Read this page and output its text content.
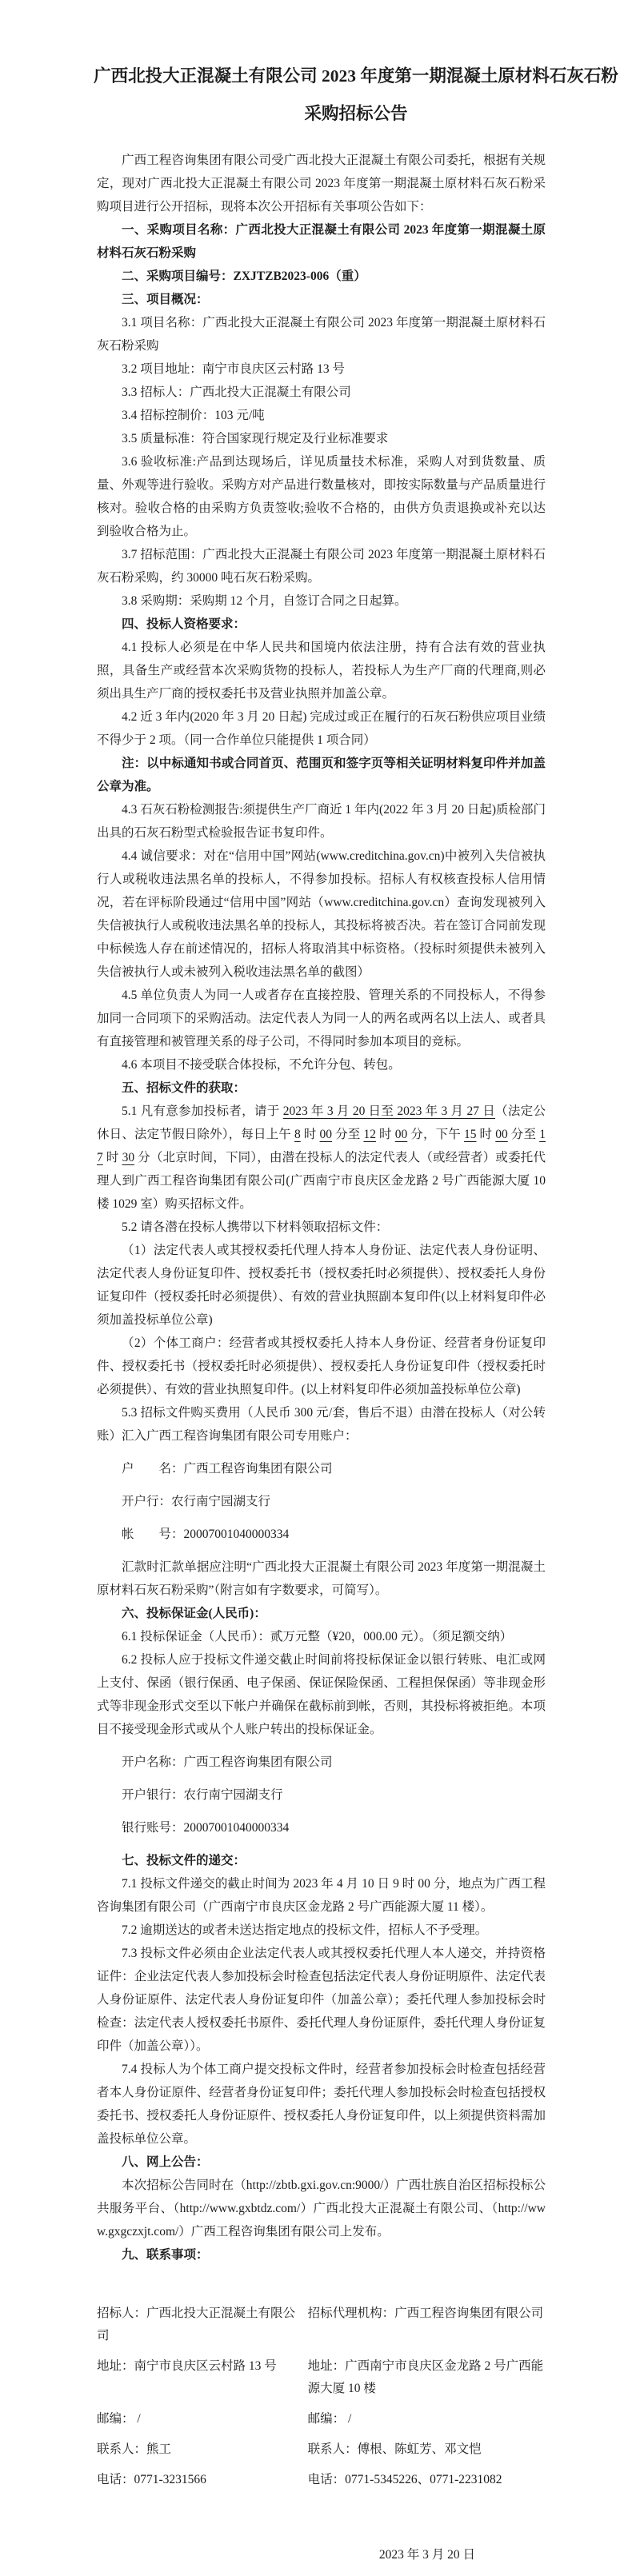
广西北投大正混凝土有限公司 2023 年度第一期混凝土原材料石灰石粉采购招标公告

广西工程咨询集团有限公司受广西北投大正混凝土有限公司委托，根据有关规定，现对广西北投大正混凝土有限公司 2023 年度第一期混凝土原材料石灰石粉采购项目进行公开招标，现将本次公开招标有关事项公告如下：

一、采购项目名称：广西北投大正混凝土有限公司 2023 年度第一期混凝土原材料石灰石粉采购

二、采购项目编号：ZXJTZB2023-006（重）

三、项目概况：

3.1 项目名称：广西北投大正混凝土有限公司 2023 年度第一期混凝土原材料石灰石粉采购

3.2 项目地址：南宁市良庆区云村路 13 号

3.3 招标人：广西北投大正混凝土有限公司

3.4 招标控制价：103 元/吨

3.5 质量标准：符合国家现行规定及行业标准要求

3.6 验收标准:产品到达现场后，详见质量技术标准，采购人对到货数量、质量、外观等进行验收。采购方对产品进行数量核对，即按实际数量与产品质量进行核对。验收合格的由采购方负责签收;验收不合格的，由供方负责退换或补充以达到验收合格为止。

3.7 招标范围：广西北投大正混凝土有限公司 2023 年度第一期混凝土原材料石灰石粉采购，约 30000 吨石灰石粉采购。

3.8 采购期：采购期 12 个月，自签订合同之日起算。

四、投标人资格要求：

4.1 投标人必须是在中华人民共和国境内依法注册，持有合法有效的营业执照，具备生产或经营本次采购货物的投标人，若投标人为生产厂商的代理商,则必须出具生产厂商的授权委托书及营业执照并加盖公章。

4.2 近 3 年内(2020 年 3 月 20 日起) 完成过或正在履行的石灰石粉供应项目业绩不得少于 2 项。（同一合作单位只能提供 1 项合同）

注：以中标通知书或合同首页、范围页和签字页等相关证明材料复印件并加盖公章为准。

4.3 石灰石粉检测报告:须提供生产厂商近 1 年内(2022 年 3 月 20 日起)质检部门出具的石灰石粉型式检验报告证书复印件。

4.4 诚信要求：对在“信用中国”网站(www.creditchina.gov.cn)中被列入失信被执行人或税收违法黑名单的投标人，不得参加投标。招标人有权核查投标人信用情况，若在评标阶段通过“信用中国”网站（www.creditchina.gov.cn）查询发现被列入失信被执行人或税收违法黑名单的投标人，其投标将被否决。若在签订合同前发现中标候选人存在前述情况的，招标人将取消其中标资格。（投标时须提供未被列入失信被执行人或未被列入税收违法黑名单的截图）

4.5 单位负责人为同一人或者存在直接控股、管理关系的不同投标人，不得参加同一合同项下的采购活动。法定代表人为同一人的两名或两名以上法人、或者具有直接管理和被管理关系的母子公司，不得同时参加本项目的竞标。

4.6 本项目不接受联合体投标，不允许分包、转包。

五、招标文件的获取：

5.1 凡有意参加投标者，请于 2023 年 3 月 20 日至 2023 年 3 月 27 日（法定公休日、法定节假日除外），每日上午 8 时 00 分至 12 时 00 分，下午 15 时 00 分至 17 时 30 分（北京时间，下同），由潜在投标人的法定代表人（或经营者）或委托代理人到广西工程咨询集团有限公司(广西南宁市良庆区金龙路 2 号广西能源大厦 10 楼 1029 室）购买招标文件。

5.2 请各潜在投标人携带以下材料领取招标文件：

（1）法定代表人或其授权委托代理人持本人身份证、法定代表人身份证明、法定代表人身份证复印件、授权委托书（授权委托时必须提供）、授权委托人身份证复印件（授权委托时必须提供）、有效的营业执照副本复印件(以上材料复印件必须加盖投标单位公章)

（2）个体工商户：经营者或其授权委托人持本人身份证、经营者身份证复印件、授权委托书（授权委托时必须提供）、授权委托人身份证复印件（授权委托时必须提供）、有效的营业执照复印件。(以上材料复印件必须加盖投标单位公章)

5.3 招标文件购买费用（人民币 300 元/套，售后不退）由潜在投标人（对公转账）汇入广西工程咨询集团有限公司专用账户：

户　　名：广西工程咨询集团有限公司

开户行：农行南宁园湖支行

帐　　号：20007001040000334

汇款时汇款单据应注明“广西北投大正混凝土有限公司 2023 年度第一期混凝土原材料石灰石粉采购”（附言如有字数要求，可简写）。

六、投标保证金(人民币)：

6.1 投标保证金（人民币）：贰万元整（¥20，000.00 元）。（须足额交纳）

6.2 投标人应于投标文件递交截止时间前将投标保证金以银行转账、电汇或网上支付、保函（银行保函、电子保函、保证保险保函、工程担保保函）等非现金形式等非现金形式交至以下帐户并确保在截标前到帐，否则，其投标将被拒绝。本项目不接受现金形式或从个人账户转出的投标保证金。

开户名称：广西工程咨询集团有限公司

开户银行：农行南宁园湖支行

银行账号：20007001040000334

七、投标文件的递交：

7.1 投标文件递交的截止时间为 2023 年 4 月 10 日 9 时 00 分，地点为广西工程咨询集团有限公司（广西南宁市良庆区金龙路 2 号广西能源大厦 11 楼）。

7.2 逾期送达的或者未送达指定地点的投标文件，招标人不予受理。

7.3 投标文件必须由企业法定代表人或其授权委托代理人本人递交，并持资格证件：企业法定代表人参加投标会时检查包括法定代表人身份证明原件、法定代表人身份证原件、法定代表人身份证复印件（加盖公章）；委托代理人参加投标会时检查：法定代表人授权委托书原件、委托代理人身份证原件，委托代理人身份证复印件（加盖公章））。

7.4 投标人为个体工商户提交投标文件时，经营者参加投标会时检查包括经营者本人身份证原件、经营者身份证复印件；委托代理人参加投标会时检查包括授权委托书、授权委托人身份证原件、授权委托人身份证复印件，以上须提供资料需加盖投标单位公章。

八、网上公告：

本次招标公告同时在（http://zbtb.gxi.gov.cn:9000/）广西壮族自治区招标投标公共服务平台、（http://www.gxbtdz.com/）广西北投大正混凝土有限公司、（http://www.gxgczxjt.com/）广西工程咨询集团有限公司上发布。

九、联系事项：

招标人：广西北投大正混凝土有限公司	招标代理机构：广西工程咨询集团有限公司
地址：南宁市良庆区云村路 13 号	地址：广西南宁市良庆区金龙路 2 号广西能源大厦 10 楼
邮编： /	邮编： /
联系人：熊工	联系人：傅根、陈虹芳、邓文恺
电话：0771-3231566	电话：0771-5345226、0771-2231082
2023 年 3 月 20 日
